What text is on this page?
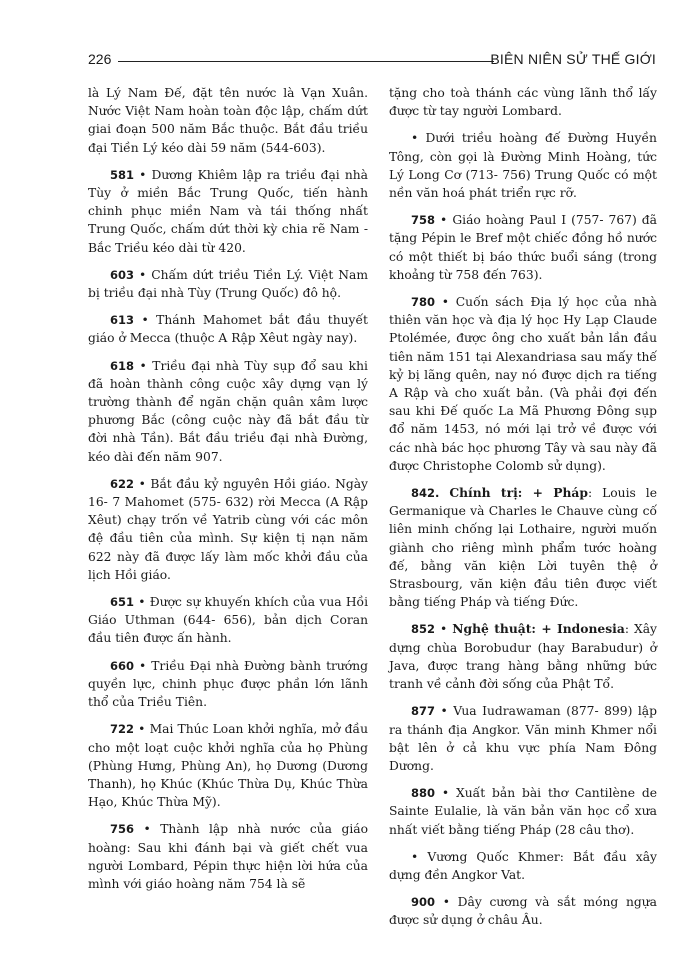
226	BIÊN NIÊN SỬ THẾ GIỚI

là Lý Nam Đế, đặt tên nước là Vạn Xuân. Nước Việt Nam hoàn toàn độc lập, chấm dứt giai đoạn 500 năm Bắc thuộc. Bắt đầu triều đại Tiền Lý kéo dài 59 năm (544-603).

581 • Dương Khiêm lập ra triều đại nhà Tùy ở miền Bắc Trung Quốc, tiến hành chinh phục miền Nam và tái thống nhất Trung Quốc, chấm dứt thời kỳ chia rẽ Nam - Bắc Triều kéo dài từ 420.

603 • Chấm dứt triều Tiền Lý. Việt Nam bị triều đại nhà Tùy (Trung Quốc) đô hộ.

613 • Thánh Mahomet bắt đầu thuyết giáo ở Mecca (thuộc A Rập Xêut ngày nay).

618 • Triều đại nhà Tùy sụp đổ sau khi đã hoàn thành công cuộc xây dựng vạn lý trường thành để ngăn chặn quân xâm lược phương Bắc (công cuộc này đã bắt đầu từ đời nhà Tần). Bắt đầu triều đại nhà Đường, kéo dài đến năm 907.

622 • Bắt đầu kỷ nguyên Hồi giáo. Ngày 16- 7 Mahomet (575- 632) rời Mecca (A Rập Xêut) chạy trốn về Yatrib cùng với các môn đệ đầu tiên của mình. Sự kiện tị nạn năm 622 này đã được lấy làm mốc khởi đầu của lịch Hồi giáo.

651 • Được sự khuyến khích của vua Hồi Giáo Uthman (644- 656), bản dịch Coran đầu tiên được ấn hành.

660 • Triều Đại nhà Đường bành trướng quyền lực, chinh phục được phần lớn lãnh thổ của Triều Tiên.

722 • Mai Thúc Loan khởi nghĩa, mở đầu cho một loạt cuộc khởi nghĩa của họ Phùng (Phùng Hưng, Phùng An), họ Dương (Dương Thanh), họ Khúc (Khúc Thừa Dụ, Khúc Thừa Hạo, Khúc Thừa Mỹ).

756 • Thành lập nhà nước của giáo hoàng: Sau khi đánh bại và giết chết vua người Lombard, Pépin thực hiện lời hứa của mình với giáo hoàng năm 754 là sẽ

tặng cho toà thánh các vùng lãnh thổ lấy được từ tay người Lombard.

• Dưới triều hoàng đế Đường Huyền Tông, còn gọi là Đường Minh Hoàng, tức Lý Long Cơ (713- 756) Trung Quốc có một nền văn hoá phát triển rực rỡ.

758 • Giáo hoàng Paul I (757- 767) đã tặng Pépin le Bref một chiếc đồng hồ nước có một thiết bị báo thức buổi sáng (trong khoảng từ 758 đến 763).

780 • Cuốn sách Địa lý học của nhà thiên văn học và địa lý học Hy Lạp Claude Ptolémée, được ông cho xuất bản lần đầu tiên năm 151 tại Alexandriasa sau mấy thế kỷ bị lãng quên, nay nó được dịch ra tiếng A Rập và cho xuất bản. (Và phải đợi đến sau khi Đế quốc La Mã Phương Đông sụp đổ năm 1453, nó mới lại trở về được với các nhà bác học phương Tây và sau này đã được Christophe Colomb sử dụng).

842. Chính trị: + Pháp: Louis le Germanique và Charles le Chauve cùng cố liên minh chống lại Lothaire, người muốn giành cho riêng mình phẩm tước hoàng đế, bằng văn kiện Lời tuyên thệ ở Strasbourg, văn kiện đầu tiên được viết bằng tiếng Pháp và tiếng Đức.

852 • Nghệ thuật: + Indonesia: Xây dựng chùa Borobudur (hay Barabudur) ở Java, được trang hàng bằng những bức tranh về cảnh đời sống của Phật Tổ.

877 • Vua Iudrawaman (877- 899) lập ra thánh địa Angkor. Văn minh Khmer nổi bật lên ở cả khu vực phía Nam Đông Dương.

880 • Xuất bản bài thơ Cantilène de Sainte Eulalie, là văn bản văn học cổ xưa nhất viết bằng tiếng Pháp (28 câu thơ).

• Vương Quốc Khmer: Bắt đầu xây dựng đền Angkor Vat.

900 • Dây cương và sắt móng ngựa được sử dụng ở châu Âu.
